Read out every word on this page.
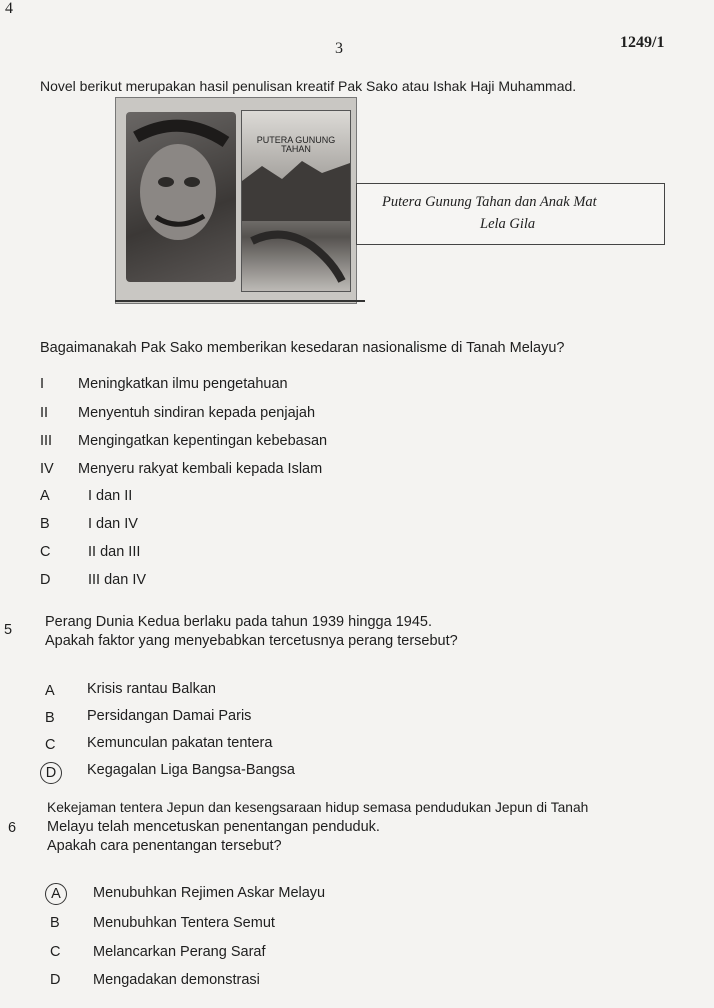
4
3	1249/1
Novel berikut merupakan hasil penulisan kreatif Pak Sako atau Ishak Haji Muhammad.
PUTERA GUNUNG TAHAN
Putera Gunung Tahan dan Anak Mat
Lela Gila
Bagaimanakah Pak Sako memberikan kesedaran nasionalisme di Tanah Melayu?
I Meningkatkan ilmu pengetahuan
II Menyentuh sindiran kepada penjajah
III Mengingatkan kepentingan kebebasan
IV Menyeru rakyat kembali kepada Islam
A	I dan II
B	I dan IV
C	II dan III
D	III dan IV
5 Perang Dunia Kedua berlaku pada tahun 1939 hingga 1945.
Apakah faktor yang menyebabkan tercetusnya perang tersebut?
A Krisis rantau Balkan
B Persidangan Damai Paris
C Kemunculan pakatan tentera
D	Kegagalan Liga Bangsa-Bangsa
6
Kekejaman tentera Jepun dan kesengsaraan hidup semasa pendudukan Jepun di Tanah
Melayu telah mencetuskan penentangan penduduk.
Apakah cara penentangan tersebut?
A	Menubuhkan Rejimen Askar Melayu
B Menubuhkan Tentera Semut
C Melancarkan Perang Saraf
D Mengadakan demonstrasi
